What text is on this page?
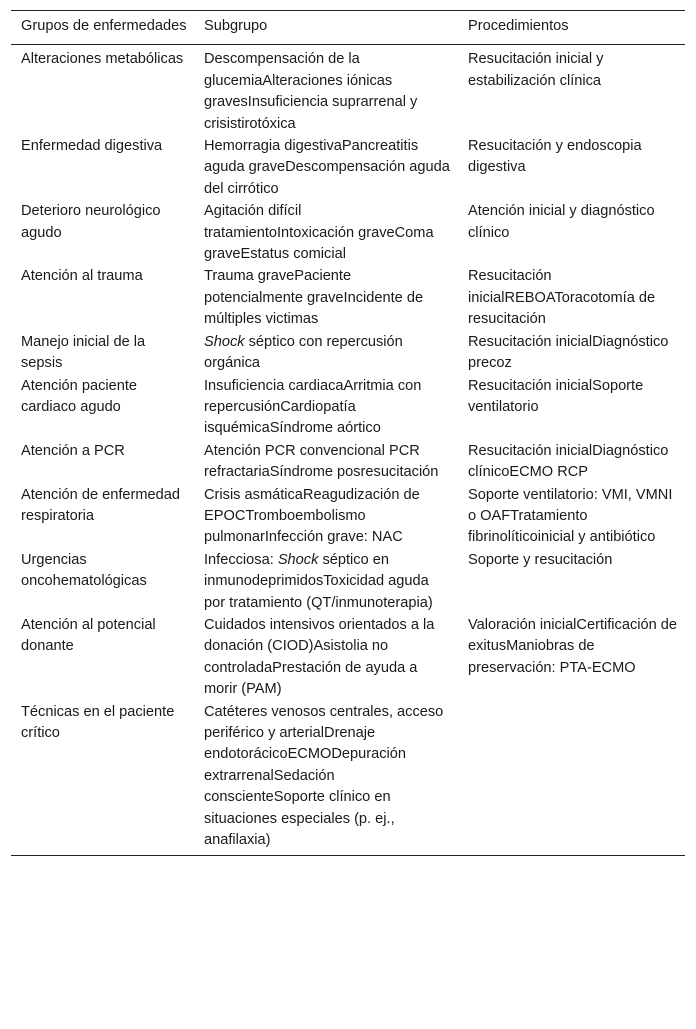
Grupos de enfermedades	Subgrupo	Procedimientos
Alteraciones metabólicas	Descompensación de la glucemiaAlteraciones iónicas gravesInsuficiencia suprarrenal y crisistirotóxica	Resucitación inicial y estabilización clínica
Enfermedad digestiva	Hemorragia digestivaPancreatitis aguda graveDescompensación aguda del cirrótico	Resucitación y endoscopia digestiva
Deterioro neurológico agudo	Agitación difícil tratamientoIntoxicación graveComa graveEstatus comicial	Atención inicial y diagnóstico clínico
Atención al trauma	Trauma gravePaciente potencialmente graveIncidente de múltiples victimas	Resucitación inicialREBOAToracotomía de resucitación
Manejo inicial de la sepsis	Shock séptico con repercusión orgánica	Resucitación inicialDiagnóstico precoz
Atención paciente cardiaco agudo	Insuficiencia cardiacaArritmia con repercusiónCardiopatía isquémicaSíndrome aórtico	Resucitación inicialSoporte ventilatorio
Atención a PCR	Atención PCR convencional PCR refractariaSíndrome posresucitación	Resucitación inicialDiagnóstico clínicoECMO RCP
Atención de enfermedad respiratoria	Crisis asmáticaReagudización de EPOCTromboembolismo pulmonarInfección grave: NAC	Soporte ventilatorio: VMI, VMNI o OAFTratamiento fibrinolíticoinicial y antibiótico
Urgencias oncohematológicas	Infecciosa: Shock séptico en inmunodeprimidosToxicidad aguda por tratamiento (QT/inmunoterapia)	Soporte y resucitación
Atención al potencial donante	Cuidados intensivos orientados a la donación (CIOD)Asistolia no controladaPrestación de ayuda a morir (PAM)	Valoración inicialCertificación de exitusManiobras de preservación: PTA-ECMO
Técnicas en el paciente crítico	Catéteres venosos centrales, acceso periférico y arterialDrenaje endotorácicoECMODepuración extrarrenalSedación conscienteSoporte clínico en situaciones especiales (p. ej., anafilaxia)	
